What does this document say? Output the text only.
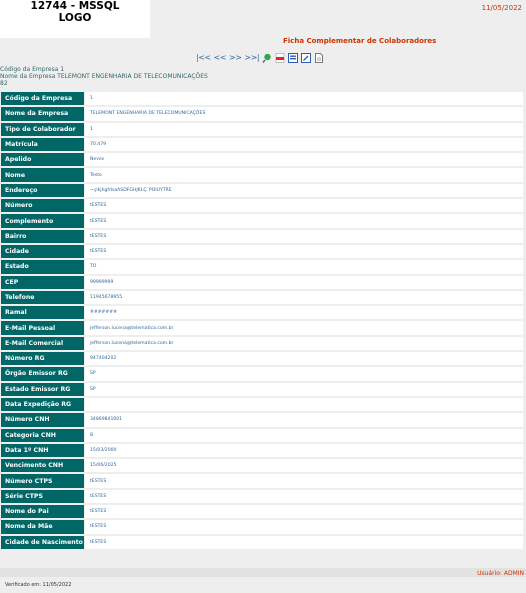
12744 - MSSQL
LOGO
11/05/2022
Ficha Complementar de Colaboradores
|<< << >> >>|
Código da Empresa 1
Nome da Empresa TELEMONT ENGENHARIA DE TELECOMUNICAÇÕES
82
Código da Empresa	1
Nome da Empresa	TELEMONT ENGENHARIA DE TELECOMUNICAÇÕES
Tipo de Colaborador	1
Matrícula	70.479
Apelido	Neves
Nome	Teste
Endereço	~çlkjhgfdsaASDFGHJKLÇ`POIUYTRE
Número	tESTES
Complemento	tESTES
Bairro	tESTES
Cidade	tESTES
Estado	TO
CEP	99999999
Telefone	11945678955
Ramal	#######
E-Mail Pessoal	jefferson.lucena@telematica.com.br
E-Mail Comercial	jefferson.lucena@telematica.com.br
Número RG	947404202
Órgão Emissor RG	SP
Estado Emissor RG	SP
Data Expedição RG	
Número CNH	34869841001
Categoria CNH	B
Data 1º CNH	15/03/2000
Vencimento CNH	15/06/2025
Número CTPS	tESTES
Série CTPS	tESTES
Nome do Pai	tESTES
Nome da Mãe	tESTES
Cidade de Nascimento	tESTES
Usuário: ADMIN
Verificado em: 11/05/2022
